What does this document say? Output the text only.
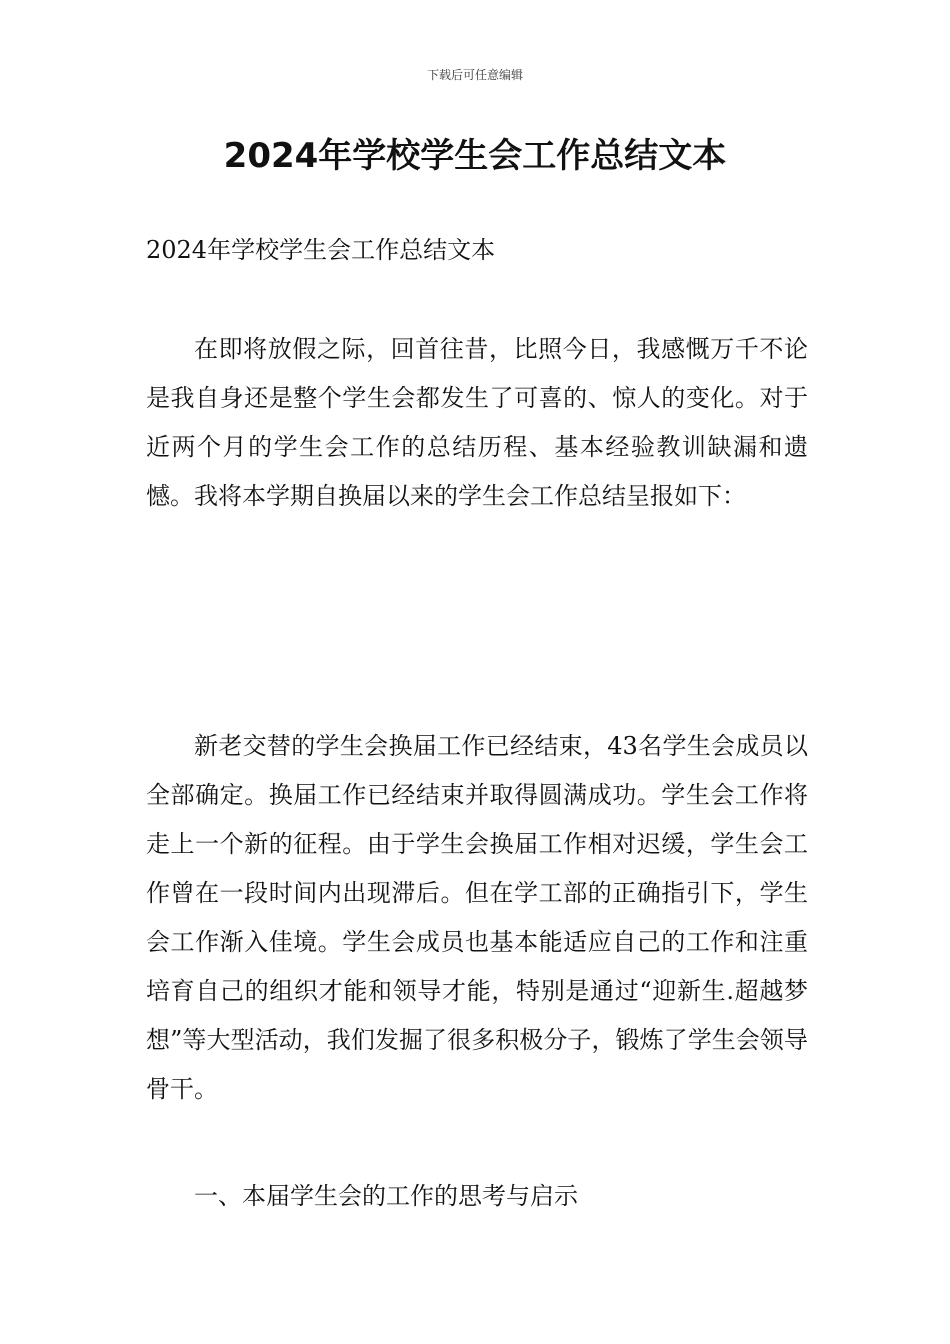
下载后可任意编辑
2024年学校学生会工作总结文本
2024年学校学生会工作总结文本

在即将放假之际，回首往昔，比照今日，我感慨万千不论是我自身还是整个学生会都发生了可喜的、惊人的变化。对于近两个月的学生会工作的总结历程、基本经验教训缺漏和遗憾。我将本学期自换届以来的学生会工作总结呈报如下：

新老交替的学生会换届工作已经结束，43名学生会成员以全部确定。换届工作已经结束并取得圆满成功。学生会工作将走上一个新的征程。由于学生会换届工作相对迟缓，学生会工作曾在一段时间内出现滞后。但在学工部的正确指引下，学生会工作渐入佳境。学生会成员也基本能适应自己的工作和注重培育自己的组织才能和领导才能，特别是通过“迎新生.超越梦想”等大型活动，我们发掘了很多积极分子，锻炼了学生会领导骨干。

一、本届学生会的工作的思考与启示
